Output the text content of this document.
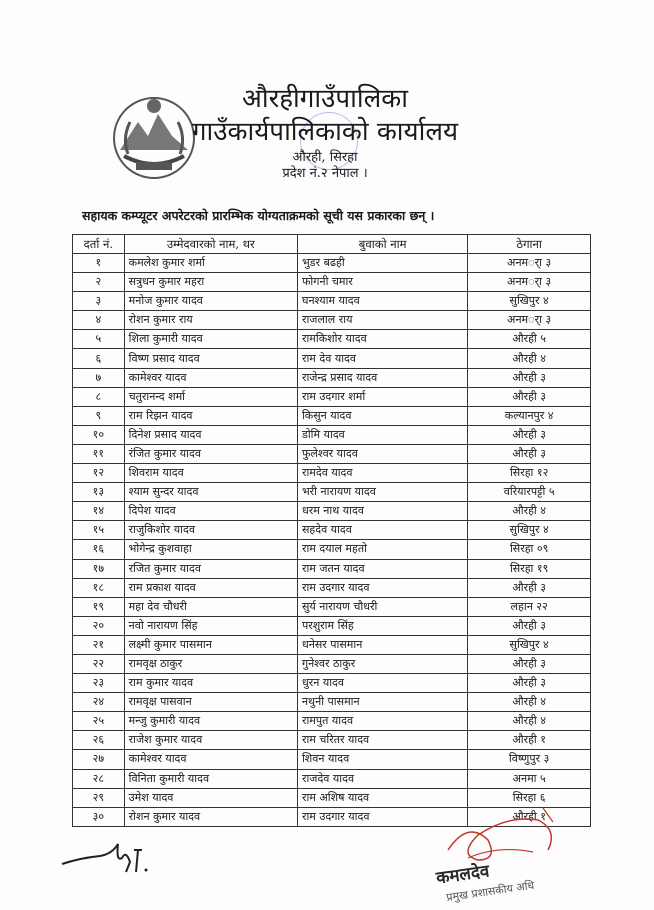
औरहीगाउँपालिका
गाउँकार्यपालिकाको कार्यालय
औरही, सिरहा
प्रदेश नं.२ नेपाल ।
सहायक कम्प्यूटर अपरेटरको प्रारम्भिक योग्यताक्रमको सूची यस प्रकारका छन् ।
दर्ता नं.	उम्मेदवारको नाम, थर	बुवाको नाम	ठेगाना
१	कमलेश कुमार शर्मा	भुडर बढही	अनमर्ा ३
२	सत्रुधन कुमार महरा	फोगनी चमार	अनमर्ा ३
३	मनोज कुमार यादव	घनश्याम यादव	सुखिपुर ४
४	रोशन कुमार राय	राजलाल राय	अनमर्ा ३
५	शिला कुमारी यादव	रामकिशोर यादव	औरही ५
६	विष्ण प्रसाद यादव	राम देव यादव	औरही ४
७	कामेश्वर यादव	राजेन्द्र प्रसाद यादव	औरही ३
८	चतुरानन्द शर्मा	राम उदगार शर्मा	औरही ३
९	राम रिझन यादव	किसुन यादव	कल्यानपुर ४
१०	दिनेश प्रसाद यादव	डोमि यादव	औरही ३
११	रंजित कुमार यादव	फुलेश्वर यादव	औरही ३
१२	शिवराम यादव	रामदेव यादव	सिरहा १२
१३	श्याम सुन्दर यादव	भरी नारायण यादव	वरियारपट्टी ५
१४	दिपेश यादव	धरम नाथ यादव	औरही ४
१५	राजुकिशोर यादव	सहदेव यादव	सुखिपुर ४
१६	भोगेन्द्र कुशवाहा	राम दयाल महतो	सिरहा ०९
१७	रजित कुमार यादव	राम जतन यादव	सिरहा १९
१८	राम प्रकाश यादव	राम उदगार यादव	औरही ३
१९	महा देव चौधरी	सुर्य नारायण चौधरी	लहान २२
२०	नवो नारायण सिंह	परशुराम सिंह	औरही ३
२१	लक्ष्मी कुमार पासमान	धनेसर पासमान	सुखिपुर ४
२२	रामवृक्ष ठाकुर	गुनेश्वर ठाकुर	औरही ३
२३	राम कुमार यादव	धुरन यादव	औरही ३
२४	रामवृक्ष पासवान	नथुनी पासमान	औरही ४
२५	मन्जु कुमारी यादव	रामपुत यादव	औरही ४
२६	राजेश कुमार यादव	राम चरितर यादव	औरही १
२७	कामेश्वर यादव	शिवन यादव	विष्णुपुर ३
२८	विनिता कुमारी यादव	राजदेव यादव	अनमा ५
२९	उमेश यादव	राम अशिष यादव	सिरहा ६
३०	रोशन कुमार यादव	राम उदगार यादव	औरही १
कमलदेव
प्रमुख प्रशासकीय अधि
